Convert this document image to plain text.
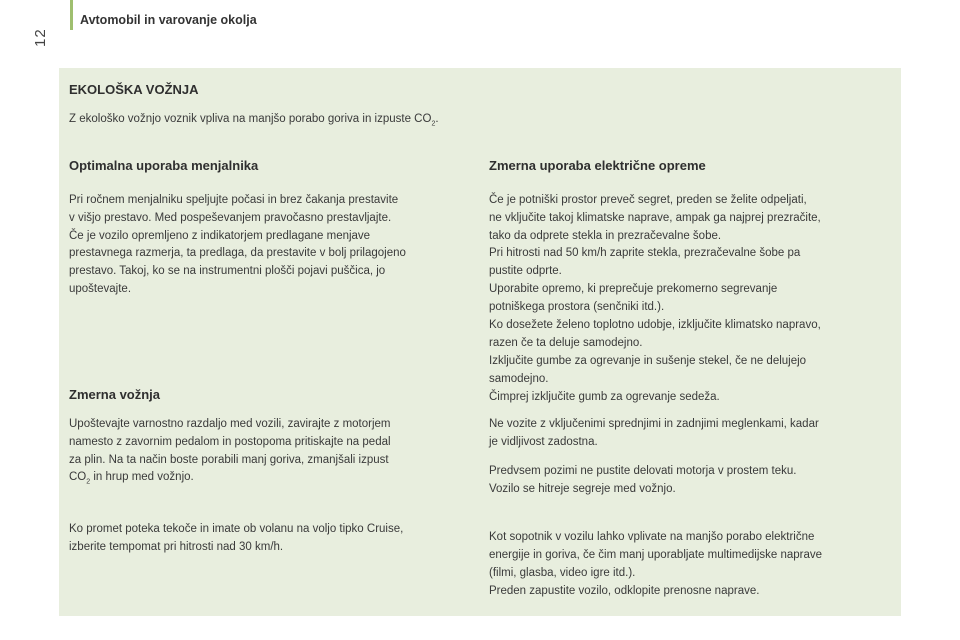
Avtomobil in varovanje okolja
12
EKOLOŠKA VOŽNJA
Z ekološko vožnjo voznik vpliva na manjšo porabo goriva in izpuste $CO_2$.
Optimalna uporaba menjalnika

Pri ročnem menjalniku speljujte počasi in brez čakanja prestavite
v višjo prestavo. Med pospeševanjem pravočasno prestavljajte.
Če je vozilo opremljeno z indikatorjem predlagane menjave
prestavnega razmerja, ta predlaga, da prestavite v bolj prilagojeno
prestavo. Takoj, ko se na instrumentni plošči pojavi puščica, jo
upoštevajte.

Zmerna vožnja

Upoštevajte varnostno razdaljo med vozili, zavirajte z motorjem
namesto z zavornim pedalom in postopoma pritiskajte na pedal
za plin. Na ta način boste porabili manj goriva, zmanjšali izpust
$CO_2$ in hrup med vožnjo.

Ko promet poteka tekoče in imate ob volanu na voljo tipko Cruise,
izberite tempomat pri hitrosti nad 30 km/h.

Zmerna uporaba električne opreme

Če je potniški prostor preveč segret, preden se želite odpeljati,
ne vključite takoj klimatske naprave, ampak ga najprej prezračite,
tako da odprete stekla in prezračevalne šobe.

Pri hitrosti nad 50 km/h zaprite stekla, prezračevalne šobe pa
pustite odprte.

Uporabite opremo, ki preprečuje prekomerno segrevanje
potniškega prostora (senčniki itd.).

Ko dosežete želeno toplotno udobje, izključite klimatsko napravo,
razen če ta deluje samodejno.

Izključite gumbe za ogrevanje in sušenje stekel, če ne delujejo
samodejno.

Čimprej izključite gumb za ogrevanje sedeža.

Ne vozite z vključenimi sprednjimi in zadnjimi meglenkami, kadar
je vidljivost zadostna.

Predvsem pozimi ne pustite delovati motorja v prostem teku.
Vozilo se hitreje segreje med vožnjo.

Kot sopotnik v vozilu lahko vplivate na manjšo porabo električne
energije in goriva, če čim manj uporabljate multimedijske naprave
(filmi, glasba, video igre itd.).

Preden zapustite vozilo, odklopite prenosne naprave.
